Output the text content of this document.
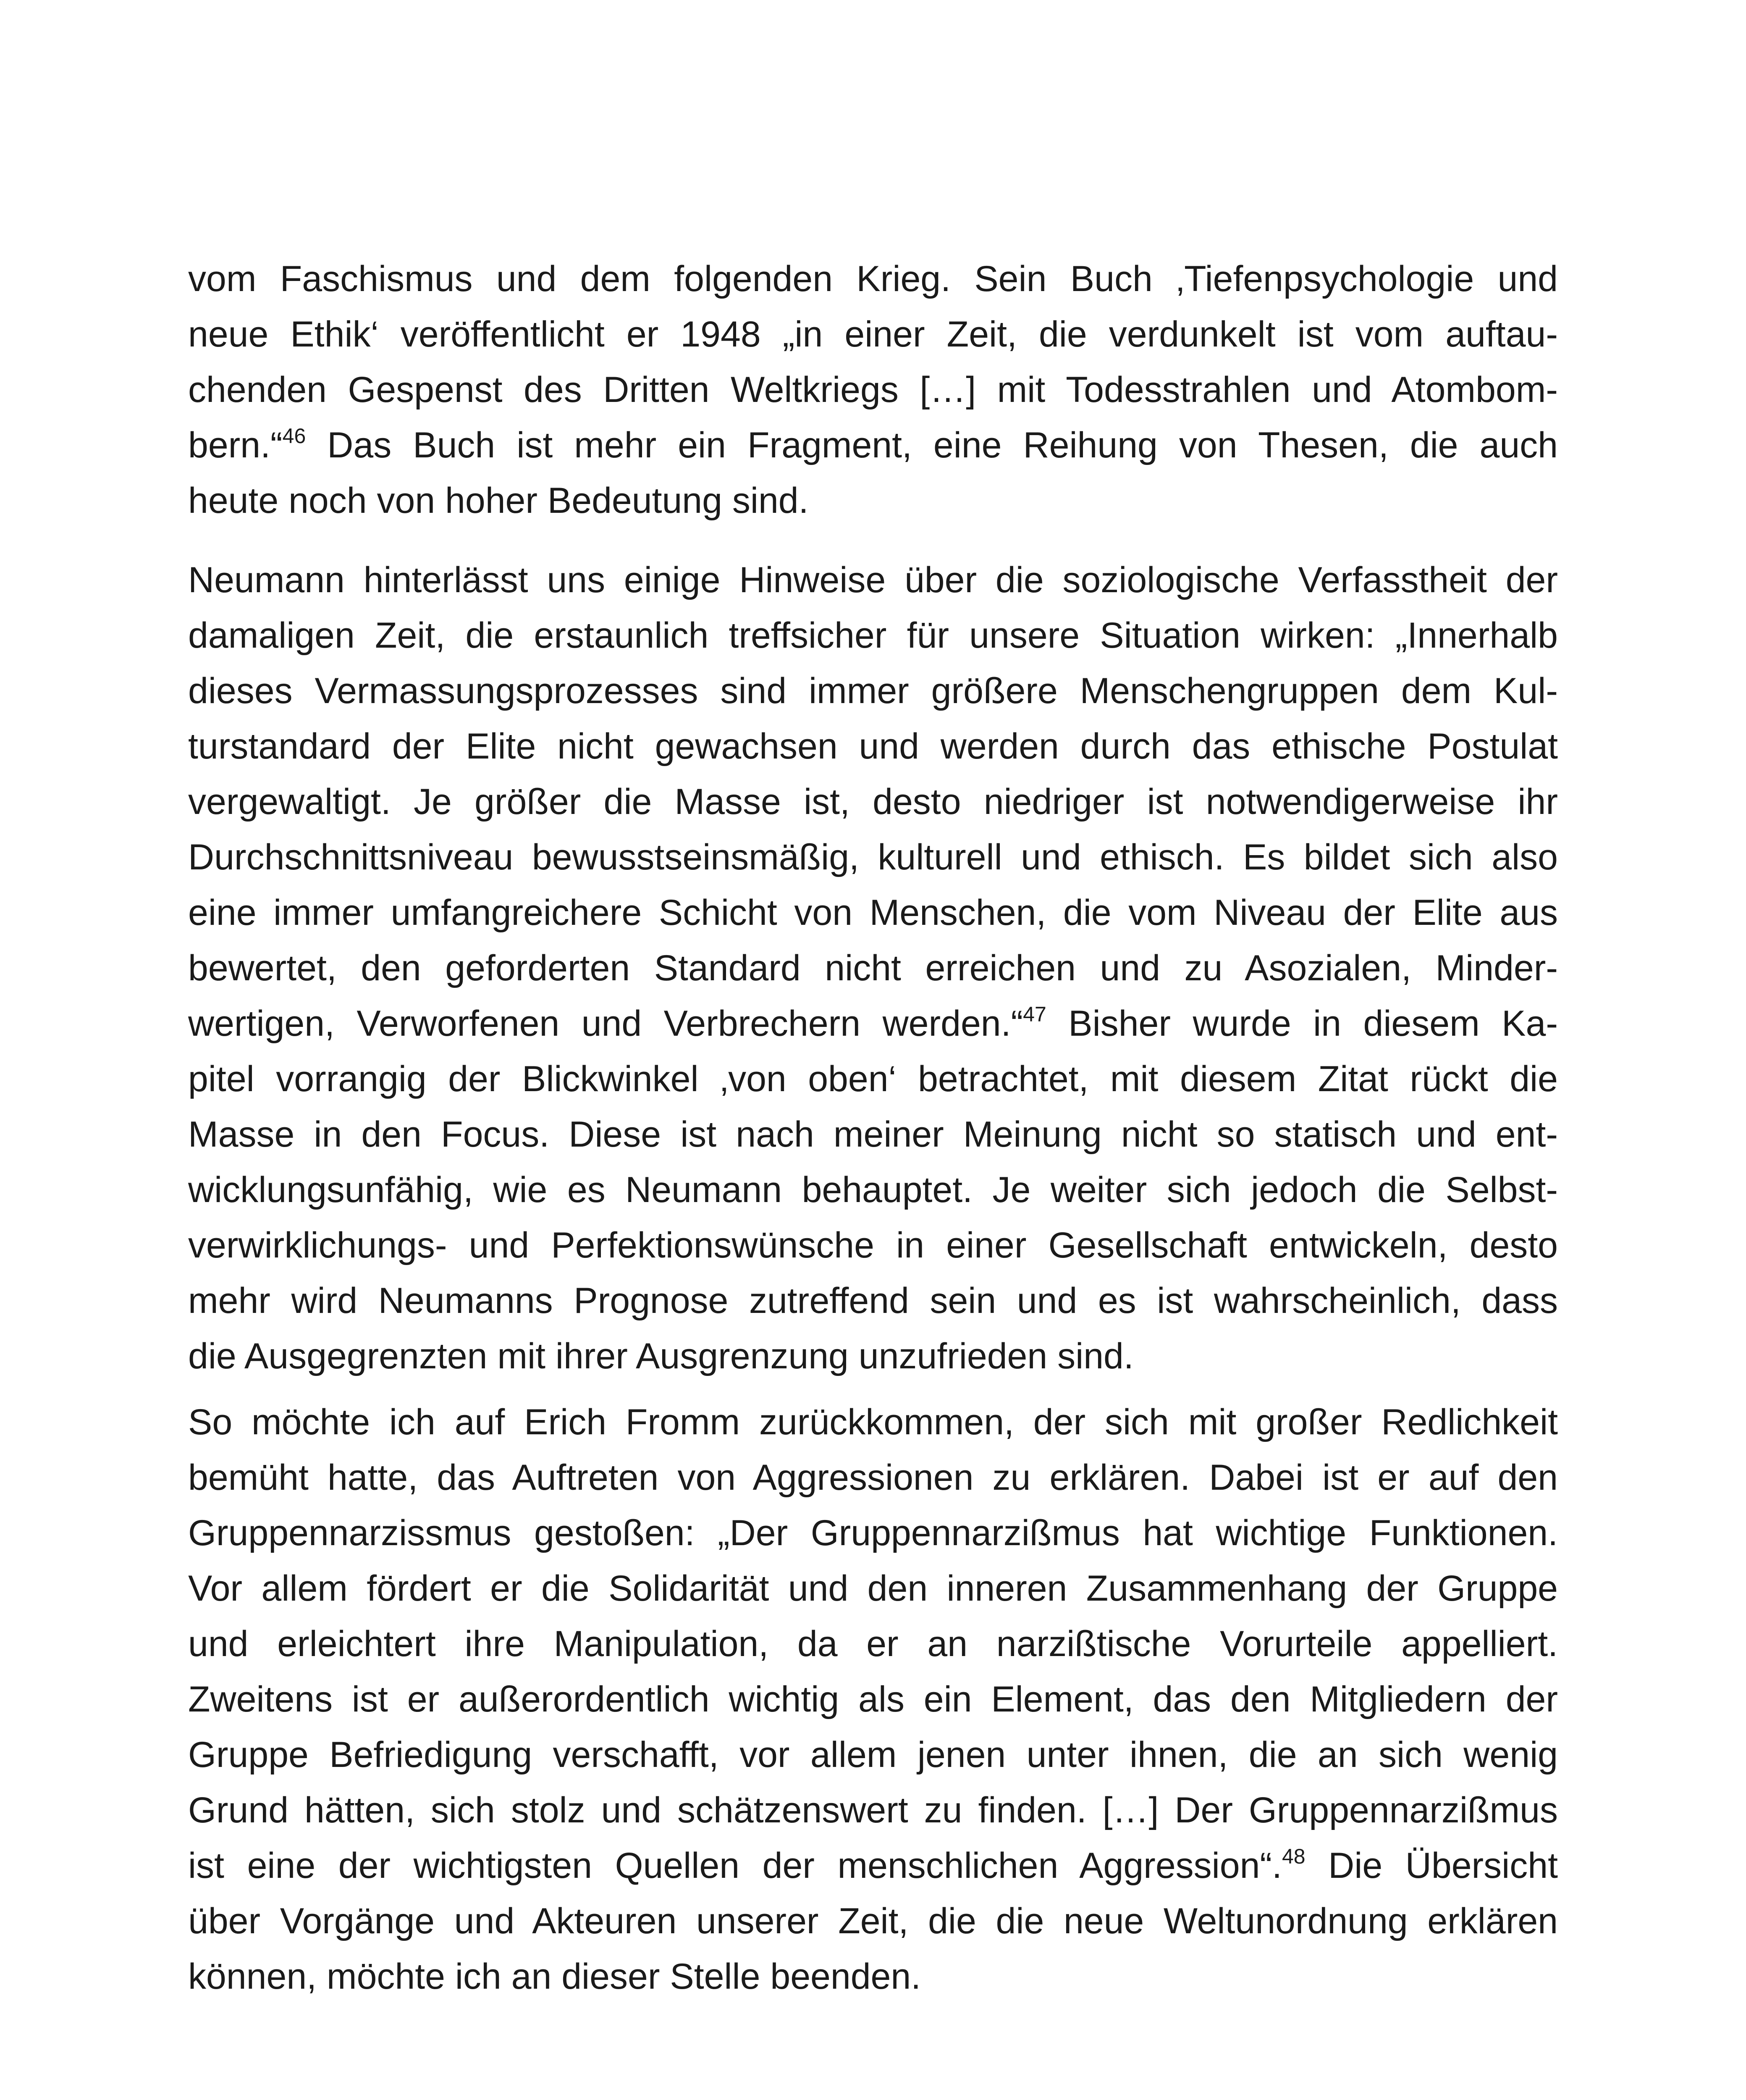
vom Faschismus und dem folgenden Krieg. Sein Buch ‚Tiefenpsychologie und
neue Ethik‘ veröffentlicht er 1948 „in einer Zeit, die verdunkelt ist vom auftau-
chenden Gespenst des Dritten Weltkriegs […] mit Todesstrahlen und Atombom-
bern.“$^{46}$ Das Buch ist mehr ein Fragment, eine Reihung von Thesen, die auch
heute noch von hoher Bedeutung sind.
Neumann hinterlässt uns einige Hinweise über die soziologische Verfasstheit der
damaligen Zeit, die erstaunlich treffsicher für unsere Situation wirken: „Innerhalb
dieses Vermassungsprozesses sind immer größere Menschengruppen dem Kul-
turstandard der Elite nicht gewachsen und werden durch das ethische Postulat
vergewaltigt. Je größer die Masse ist, desto niedriger ist notwendigerweise ihr
Durchschnittsniveau bewusstseinsmäßig, kulturell und ethisch. Es bildet sich also
eine immer umfangreichere Schicht von Menschen, die vom Niveau der Elite aus
bewertet, den geforderten Standard nicht erreichen und zu Asozialen, Minder-
wertigen, Verworfenen und Verbrechern werden.“$^{47}$ Bisher wurde in diesem Ka-
pitel vorrangig der Blickwinkel ‚von oben‘ betrachtet, mit diesem Zitat rückt die
Masse in den Focus. Diese ist nach meiner Meinung nicht so statisch und ent-
wicklungsunfähig, wie es Neumann behauptet. Je weiter sich jedoch die Selbst-
verwirklichungs- und Perfektionswünsche in einer Gesellschaft entwickeln, desto
mehr wird Neumanns Prognose zutreffend sein und es ist wahrscheinlich, dass
die Ausgegrenzten mit ihrer Ausgrenzung unzufrieden sind.
So möchte ich auf Erich Fromm zurückkommen, der sich mit großer Redlichkeit
bemüht hatte, das Auftreten von Aggressionen zu erklären. Dabei ist er auf den
Gruppennarzissmus gestoßen: „Der Gruppennarzißmus hat wichtige Funktionen.
Vor allem fördert er die Solidarität und den inneren Zusammenhang der Gruppe
und erleichtert ihre Manipulation, da er an narzißtische Vorurteile appelliert.
Zweitens ist er außerordentlich wichtig als ein Element, das den Mitgliedern der
Gruppe Befriedigung verschafft, vor allem jenen unter ihnen, die an sich wenig
Grund hätten, sich stolz und schätzenswert zu finden. […] Der Gruppennarzißmus
ist eine der wichtigsten Quellen der menschlichen Aggression“.$^{48}$ Die Übersicht
über Vorgänge und Akteuren unserer Zeit, die die neue Weltunordnung erklären
können, möchte ich an dieser Stelle beenden.
